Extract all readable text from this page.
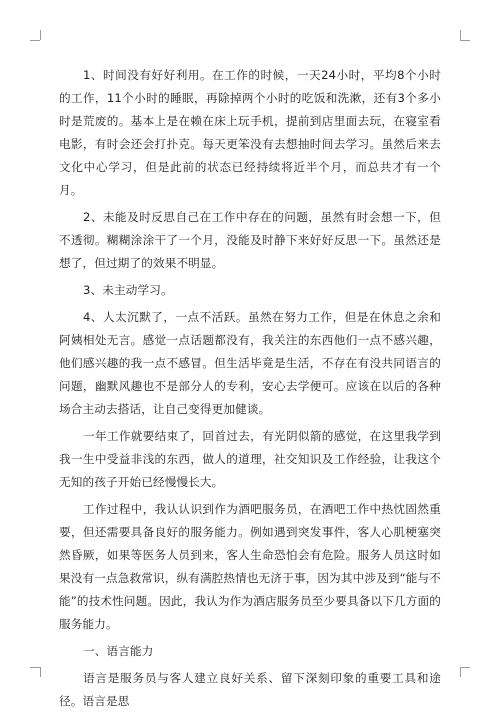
1、时间没有好好利用。在工作的时候，一天24小时，平均8个小时的工作，11个小时的睡眠，再除掉两个小时的吃饭和洗漱，还有3个多小时是荒废的。基本上是在赖在床上玩手机，提前到店里面去玩，在寝室看电影，有时会还会打扑克。每天更笨没有去想抽时间去学习。虽然后来去文化中心学习，但是此前的状态已经持续将近半个月，而总共才有一个月。

2、未能及时反思自己在工作中存在的问题，虽然有时会想一下，但不透彻。糊糊涂涂干了一个月，没能及时静下来好好反思一下。虽然还是想了，但过期了的效果不明显。

3、未主动学习。

4、人太沉默了，一点不活跃。虽然在努力工作，但是在休息之余和阿姨相处无言。感觉一点话题都没有，我关注的东西他们一点不感兴趣，他们感兴趣的我一点不感冒。但生活毕竟是生活，不存在有没共同语言的问题，幽默风趣也不是部分人的专利，安心去学便可。应该在以后的各种场合主动去搭话，让自己变得更加健谈。

一年工作就要结束了，回首过去，有光阴似箭的感觉，在这里我学到我一生中受益非浅的东西，做人的道理，社交知识及工作经验，让我这个无知的孩子开始已经慢慢长大。

工作过程中，我认认识到作为酒吧服务员，在酒吧工作中热忱固然重要，但还需要具备良好的服务能力。例如遇到突发事件，客人心肌梗塞突然昏厥，如果等医务人员到来，客人生命恐怕会有危险。服务人员这时如果没有一点急救常识，纵有满腔热情也无济于事，因为其中涉及到“能与不能”的技术性问题。因此，我认为作为酒店服务员至少要具备以下几方面的服务能力。

一、语言能力

语言是服务员与客人建立良好关系、留下深刻印象的重要工具和途径。语言是思
